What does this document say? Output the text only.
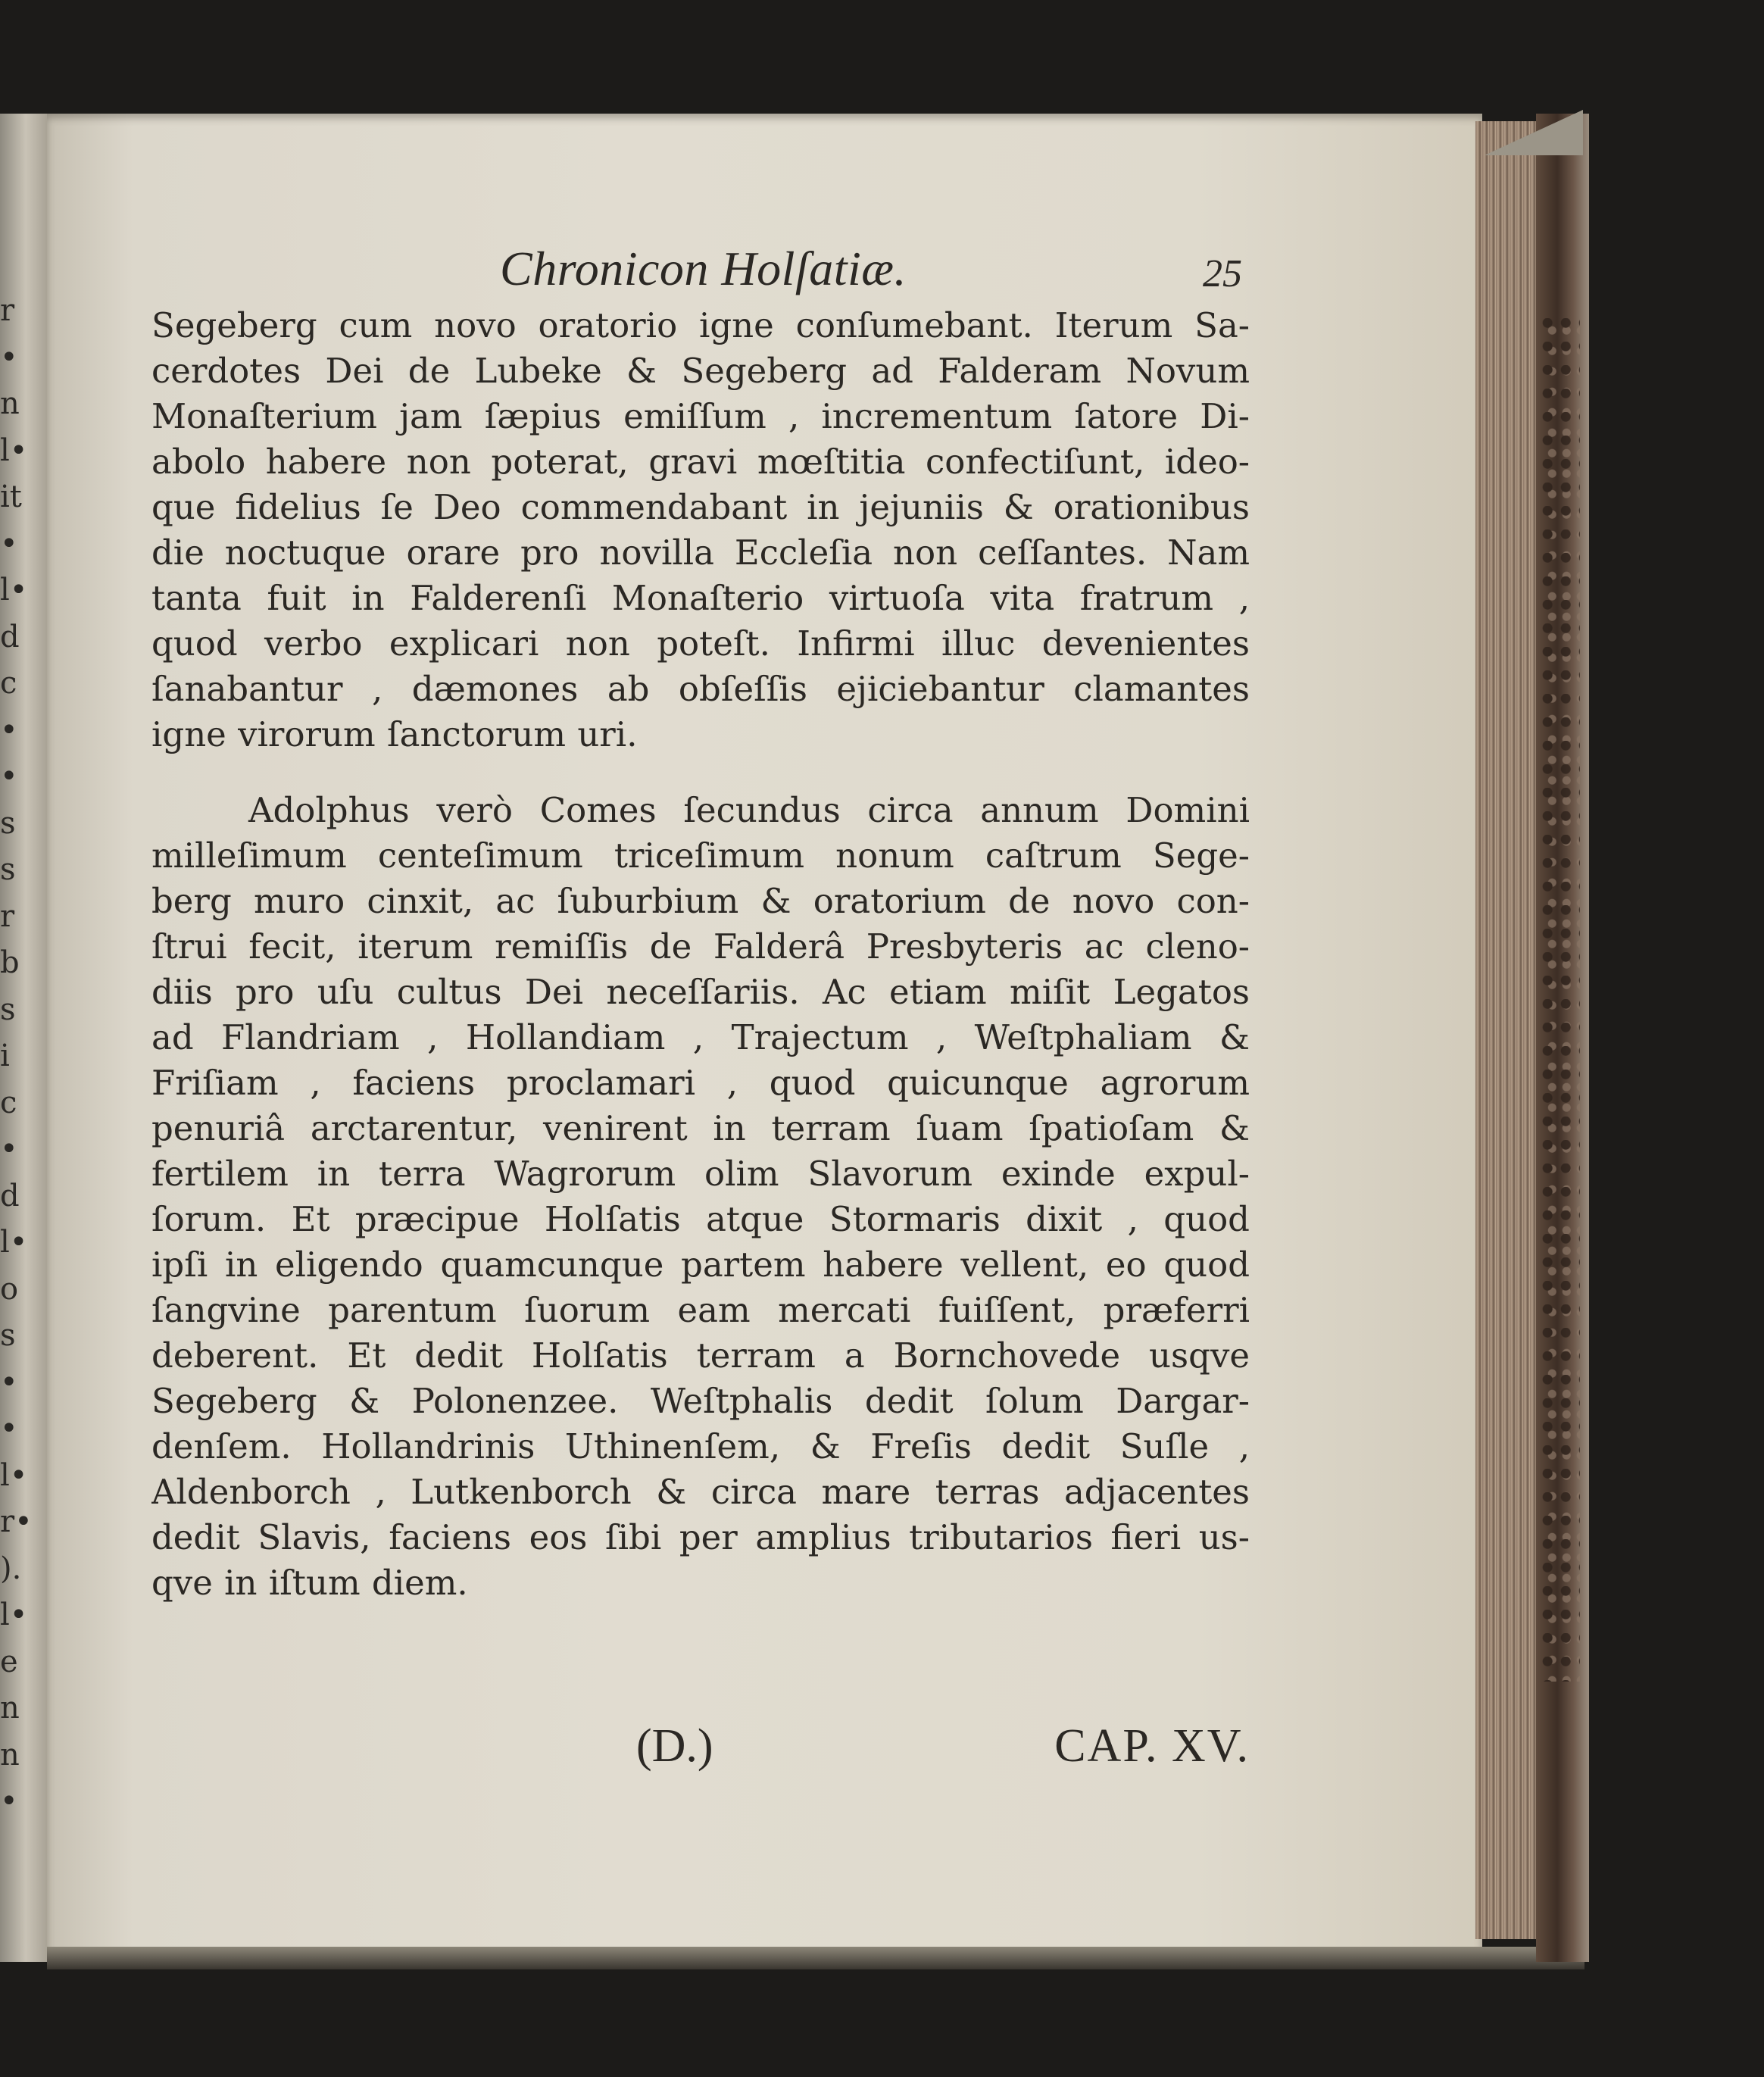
r
•
n
l•
it
•
l•
d
c
•
•
s
s
r
b
s
i
c
•
d
l•
o
s
•
•
l•
r•
).
l•
e
n
n
•
Chronicon Holſatiæ.	25

Segeberg cum novo oratorio igne conſumebant. Iterum Sa-
cerdotes Dei de Lubeke & Segeberg ad Falderam Novum
Monaſterium jam ſæpius emiſſum , incrementum ſatore Di-
abolo habere non poterat, gravi mœſtitia confectiſunt, ideo-
que fidelius ſe Deo commendabant in jejuniis & orationibus
die noctuque orare pro novilla Eccleſia non ceſſantes. Nam
tanta fuit in Falderenſi Monaſterio virtuoſa vita fratrum ,
quod verbo explicari non poteſt. Infirmi illuc devenientes
ſanabantur , dæmones ab obſeſſis ejiciebantur clamantes
igne virorum ſanctorum uri.

Adolphus verò Comes ſecundus circa annum Domini
milleſimum centeſimum triceſimum nonum caſtrum Sege-
berg muro cinxit, ac ſuburbium & oratorium de novo con-
ſtrui fecit, iterum remiſſis de Falderâ Presbyteris ac cleno-
diis pro uſu cultus Dei neceſſariis. Ac etiam miſit Legatos
ad Flandriam , Hollandiam , Trajectum , Weſtphaliam &
Friſiam , faciens proclamari , quod quicunque agrorum
penuriâ arctarentur, venirent in terram ſuam ſpatioſam &
fertilem in terra Wagrorum olim Slavorum exinde expul-
ſorum. Et præcipue Holſatis atque Stormaris dixit , quod
ipſi in eligendo quamcunque partem habere vellent, eo quod
ſangvine parentum ſuorum eam mercati fuiſſent, præferri
deberent. Et dedit Holſatis terram a Bornchovede usqve
Segeberg & Polonenzee. Weſtphalis dedit ſolum Dargar-
denſem. Hollandrinis Uthinenſem, & Freſis dedit Suſle ,
Aldenborch , Lutkenborch & circa mare terras adjacentes
dedit Slavis, faciens eos ſibi per amplius tributarios fieri us-
qve in iſtum diem.

(D.)	CAP. XV.
